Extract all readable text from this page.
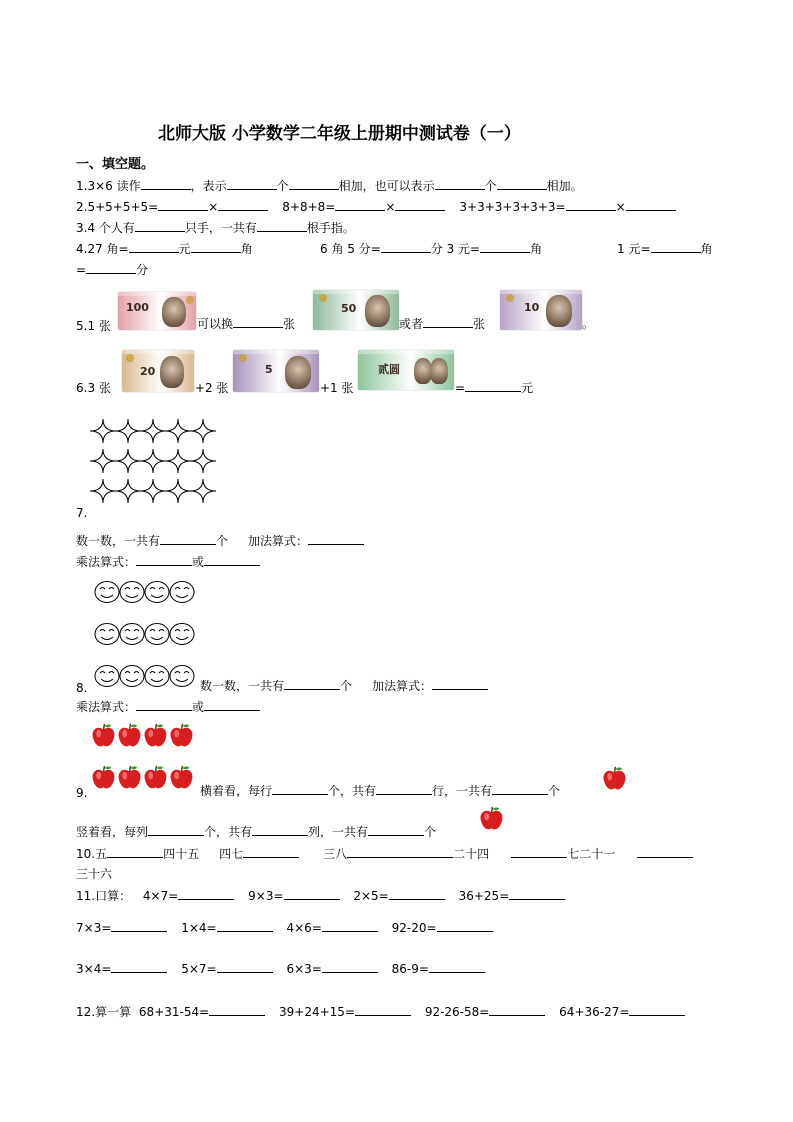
北师大版 小学数学二年级上册期中测试卷（一）
一、填空题。
1.3×6 读作	，表示	个	相加，也可以表示	个	相加。
2.5+5+5+5=	×	8+8+8=	×	3+3+3+3+3+3=	×
3.4 个人有	只手，一共有	根手指。
4.27 角=	元	角	6 角 5 分=	分 3 元=	角	1 元=	角
=	分
100	50	10
5.1 张	可以换	张	或者	张	。
20	5	贰圆
6.3 张	+2 张	+1 张	=	元
7.
数一数，一共有	个 加法算式：
乘法算式：	或
8.	数一数，一共有	个 加法算式：
乘法算式：	或
9.	横着看，每行	个，共有	行，一共有	个
竖着看，每列	个，共有	列，一共有	个
10.五	四十五 四七	三八	二十四	七二十一
三十六
11.口算： 4×7=	9×3=	2×5=	36+25=
7×3=	1×4=	4×6=	92-20=
3×4=	5×7=	6×3=	86-9=
12.算一算 68+31-54=	39+24+15=	92-26-58=	64+36-27=
